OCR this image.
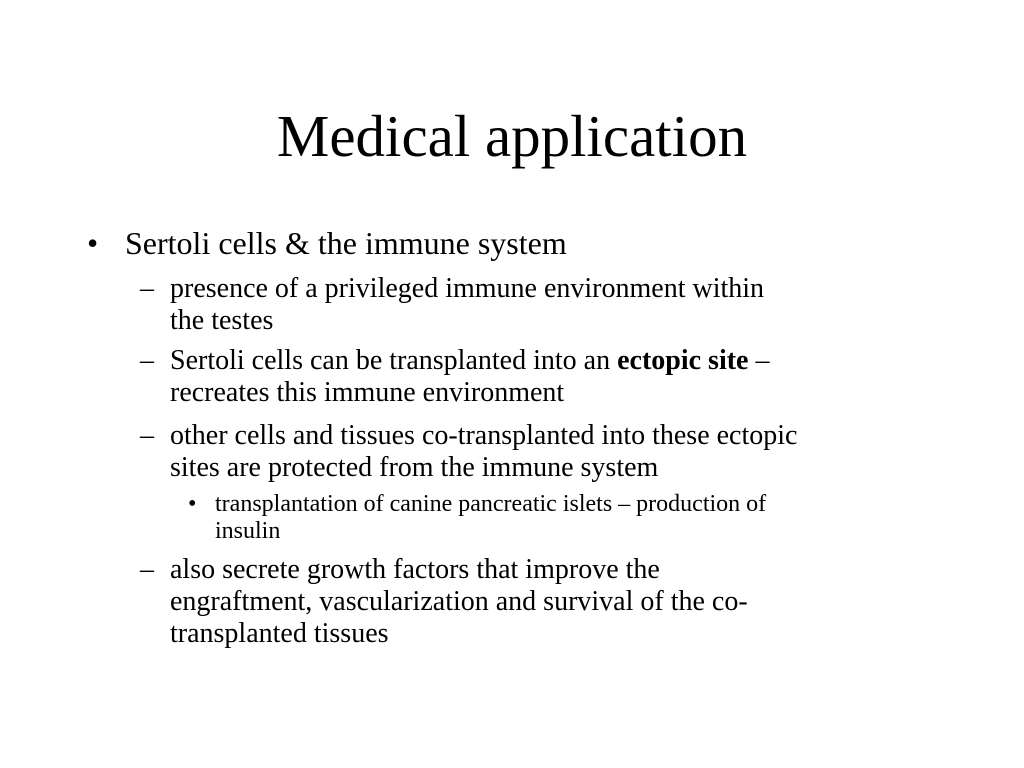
Medical application
• Sertoli cells & the immune system
– presence of a privileged immune environment within
the testes
– Sertoli cells can be transplanted into an ectopic site –
recreates this immune environment
– other cells and tissues co-transplanted into these ectopic
sites are protected from the immune system
• transplantation of canine pancreatic islets – production of
insulin
– also secrete growth factors that improve the
engraftment, vascularization and survival of the co-
transplanted tissues
